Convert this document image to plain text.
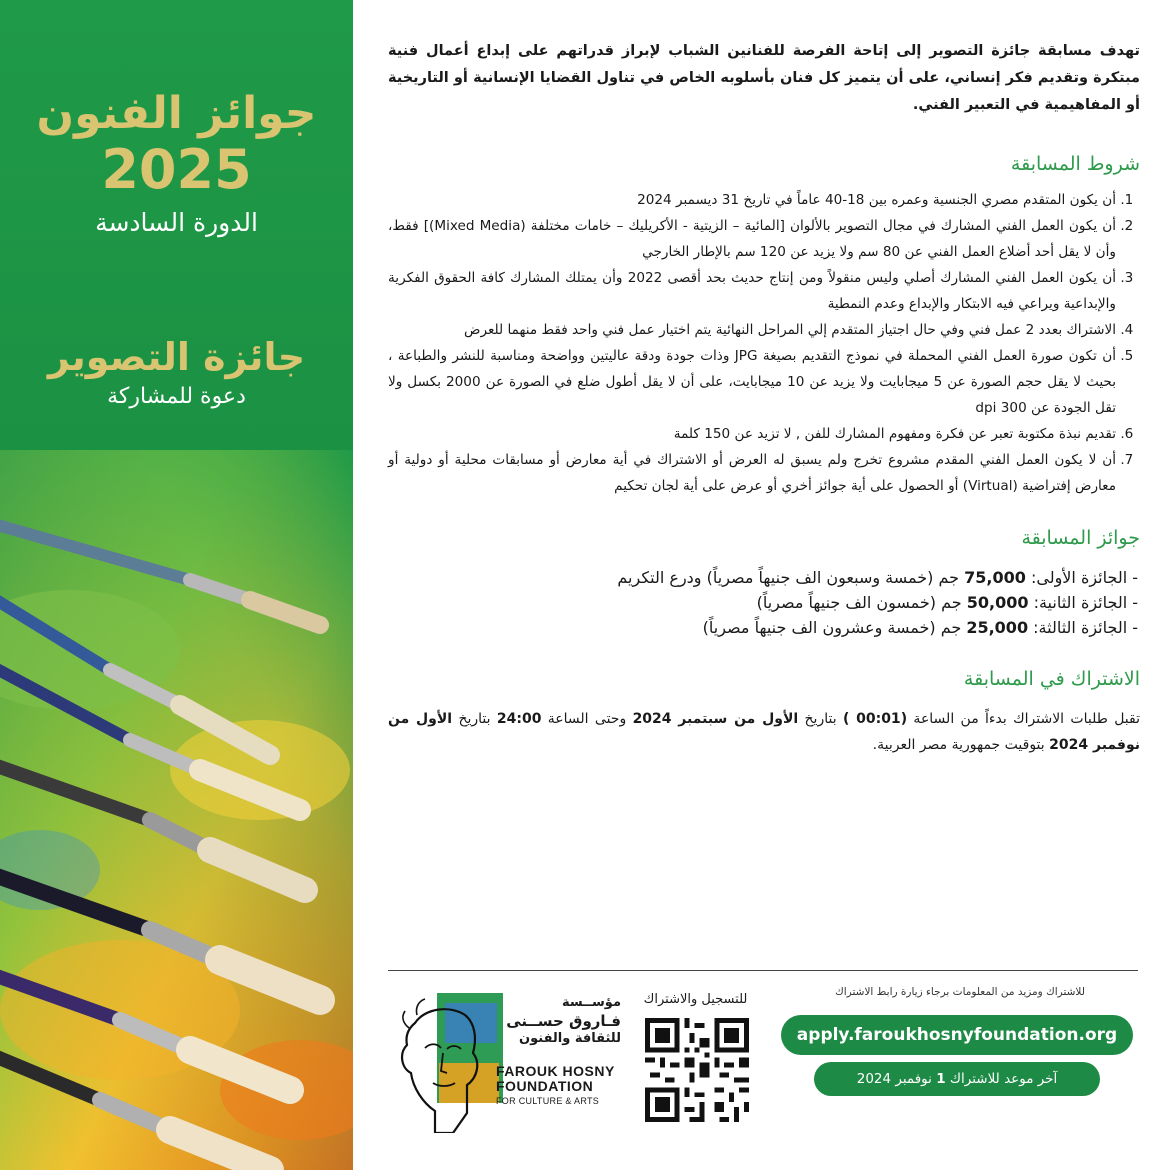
جوائز الفنون
2025
الدورة السادسة
جائزة التصوير
دعوة للمشاركة
تهدف مسابقة جائزة التصوير إلى إتاحة الفرصة للفنانين الشباب لإبراز قدراتهم على إبداع أعمال فنية مبتكرة وتقديم فكر إنساني، على أن يتميز كل فنان بأسلوبه الخاص في تناول القضايا الإنسانية أو التاريخية أو المفاهيمية في التعبير الفني.
شروط المسابقة
1. أن يكون المتقدم مصري الجنسية وعمره بين 18-40 عاماً في تاريخ 31 ديسمبر 2024
2. أن يكون العمل الفني المشارك في مجال التصوير بالألوان [المائية – الزيتية - الأكريليك – خامات مختلفة (Mixed Media)] فقط، وأن لا يقل أحد أضلاع العمل الفني عن 80 سم ولا يزيد عن 120 سم بالإطار الخارجي
3. أن يكون العمل الفني المشارك أصلي وليس منقولاً ومن إنتاج حديث بحد أقصى 2022 وأن يمتلك المشارك كافة الحقوق الفكرية والإبداعية ويراعي فيه الابتكار والإبداع وعدم النمطية
4. الاشتراك بعدد 2 عمل فني وفي حال اجتياز المتقدم إلي المراحل النهائية يتم اختيار عمل فني واحد فقط منهما للعرض
5. أن تكون صورة العمل الفني المحملة في نموذج التقديم بصيغة JPG وذات جودة ودقة عاليتين وواضحة ومناسبة للنشر والطباعة ، بحيث لا يقل حجم الصورة عن 5 ميجابايت ولا يزيد عن 10 ميجابايت، على أن لا يقل أطول ضلع في الصورة عن 2000 بكسل ولا تقل الجودة عن 300 dpi
6. تقديم نبذة مكتوبة تعبر عن فكرة ومفهوم المشارك للفن , لا تزيد عن 150 كلمة
7. أن لا يكون العمل الفني المقدم مشروع تخرج ولم يسبق له العرض أو الاشتراك في أية معارض أو مسابقات محلية أو دولية أو معارض إفتراضية (Virtual) أو الحصول على أية جوائز أخري أو عرض على أية لجان تحكيم
جوائز المسابقة
- الجائزة الأولى: 75,000 جم (خمسة وسبعون الف جنيهاً مصرياً) ودرع التكريم
- الجائزة الثانية: 50,000 جم (خمسون الف جنيهاً مصرياً)
- الجائزة الثالثة: 25,000 جم (خمسة وعشرون الف جنيهاً مصرياً)
الاشتراك في المسابقة
تقبل طلبات الاشتراك بدءاً من الساعة (00:01 ) بتاريخ الأول من سبتمبر 2024 وحتى الساعة 24:00 بتاريخ الأول من نوفمبر 2024 بتوقيت جمهورية مصر العربية.
للاشتراك ومزيد من المعلومات برجاء زيارة رابط الاشتراك
apply.faroukhosnyfoundation.org
آخر موعد للاشتراك 1 نوفمبر 2024
للتسجيل والاشتراك
مؤســسة
فـاروق حســنى
للثقافة والفنون
FAROUK HOSNY
FOUNDATION
FOR CULTURE & ARTS
